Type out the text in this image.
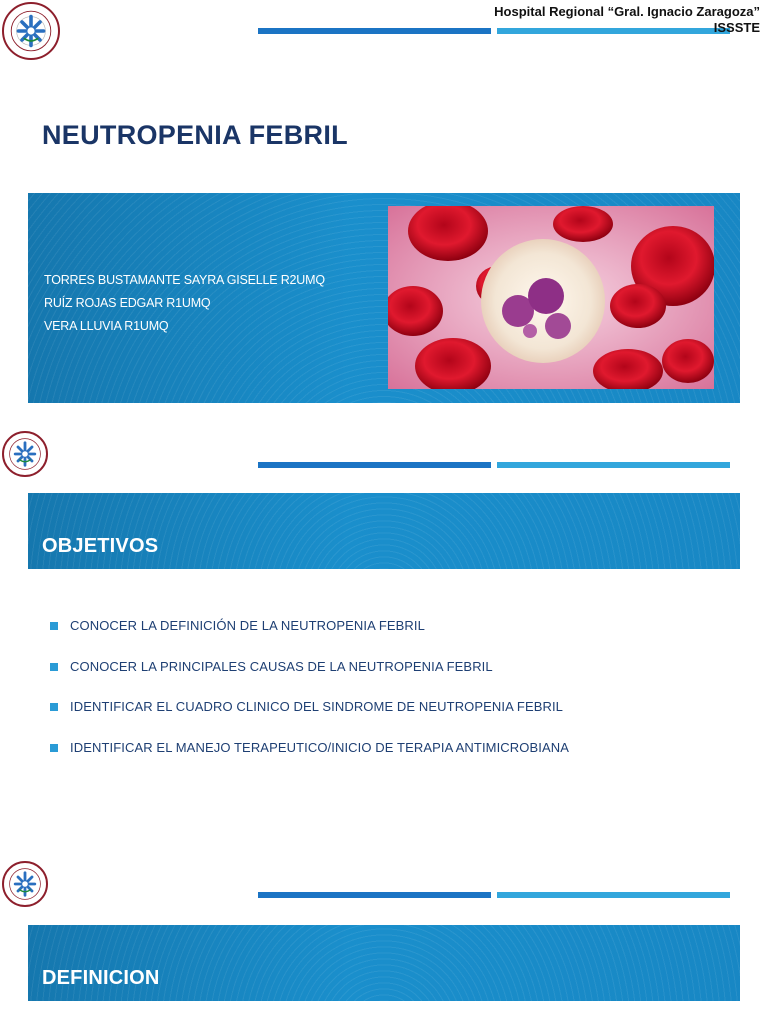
Hospital Regional “Gral. Ignacio Zaragoza”
ISSSTE
NEUTROPENIA FEBRIL
TORRES BUSTAMANTE SAYRA GISELLE R2UMQ
RUÍZ ROJAS EDGAR R1UMQ
VERA LLUVIA R1UMQ
OBJETIVOS
CONOCER LA DEFINICIÓN DE LA NEUTROPENIA FEBRIL
CONOCER LA PRINCIPALES CAUSAS DE LA NEUTROPENIA FEBRIL
IDENTIFICAR EL CUADRO CLINICO DEL SINDROME DE NEUTROPENIA FEBRIL
IDENTIFICAR EL MANEJO TERAPEUTICO/INICIO DE TERAPIA ANTIMICROBIANA
DEFINICION
